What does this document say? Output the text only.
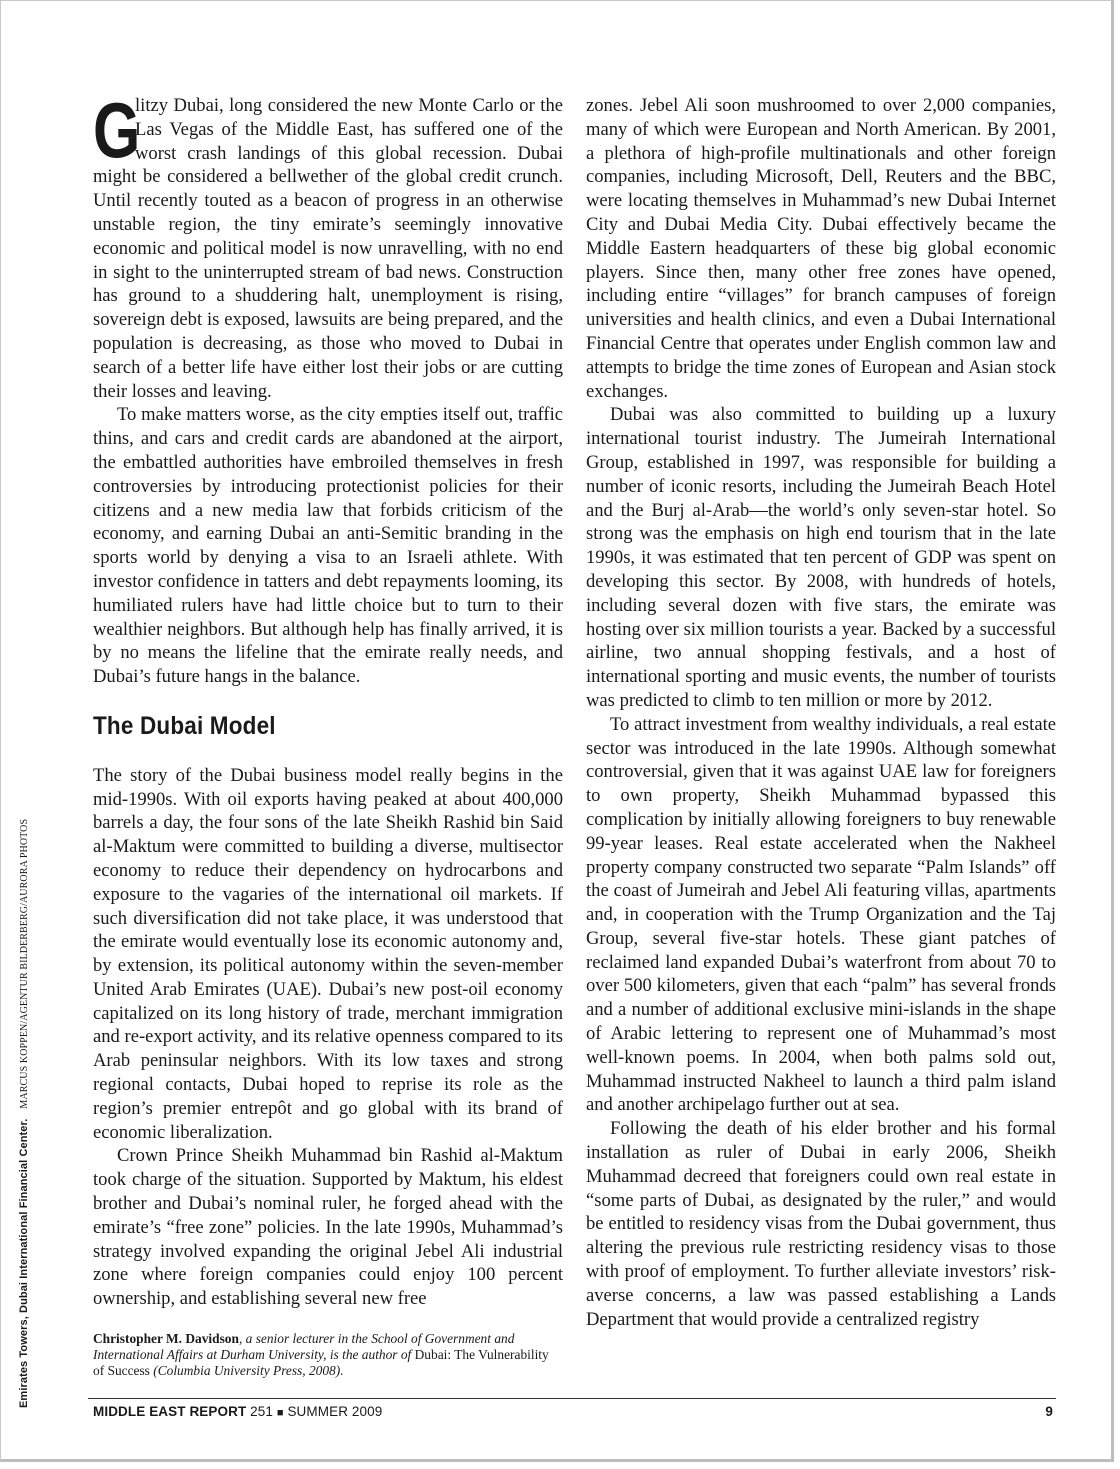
G
litzy Dubai, long considered the new Monte Carlo or the Las Vegas of the Middle East, has suffered one of the worst crash landings of this global recession. Dubai might be considered a bellwether of the global credit crunch. Until recently touted as a beacon of progress in an otherwise unstable region, the tiny emirate’s seemingly innovative economic and political model is now unravelling, with no end in sight to the uninterrupted stream of bad news. Construction has ground to a shuddering halt, unemployment is rising, sovereign debt is exposed, lawsuits are being prepared, and the population is decreasing, as those who moved to Dubai in search of a better life have either lost their jobs or are cutting their losses and leaving.

To make matters worse, as the city empties itself out, traffic thins, and cars and credit cards are abandoned at the airport, the embattled authorities have embroiled themselves in fresh controversies by introducing protectionist policies for their citizens and a new media law that forbids criticism of the economy, and earning Dubai an anti-Semitic branding in the sports world by denying a visa to an Israeli athlete. With investor confidence in tatters and debt repayments looming, its humiliated rulers have had little choice but to turn to their wealthier neighbors. But although help has finally arrived, it is by no means the lifeline that the emirate really needs, and Dubai’s future hangs in the balance.

The Dubai Model

The story of the Dubai business model really begins in the mid-1990s. With oil exports having peaked at about 400,000 barrels a day, the four sons of the late Sheikh Rashid bin Said al-Maktum were committed to building a diverse, multisector economy to reduce their dependency on hydrocarbons and exposure to the vagaries of the international oil markets. If such diversification did not take place, it was understood that the emirate would eventually lose its economic autonomy and, by extension, its political autonomy within the seven-member United Arab Emirates (UAE). Dubai’s new post-oil economy capitalized on its long history of trade, merchant immigration and re-export activity, and its relative openness compared to its Arab peninsular neighbors. With its low taxes and strong regional contacts, Dubai hoped to reprise its role as the region’s premier entrepôt and go global with its brand of economic liberalization.

Crown Prince Sheikh Muhammad bin Rashid al-Maktum took charge of the situation. Supported by Maktum, his eldest brother and Dubai’s nominal ruler, he forged ahead with the emirate’s “free zone” policies. In the late 1990s, Muhammad’s strategy involved expanding the original Jebel Ali industrial zone where foreign companies could enjoy 100 percent ownership, and establishing several new free

zones. Jebel Ali soon mushroomed to over 2,000 companies, many of which were European and North American. By 2001, a plethora of high-profile multinationals and other foreign companies, including Microsoft, Dell, Reuters and the BBC, were locating themselves in Muhammad’s new Dubai Internet City and Dubai Media City. Dubai effectively became the Middle Eastern headquarters of these big global economic players. Since then, many other free zones have opened, including entire “villages” for branch campuses of foreign universities and health clinics, and even a Dubai International Financial Centre that operates under English common law and attempts to bridge the time zones of European and Asian stock exchanges.

Dubai was also committed to building up a luxury international tourist industry. The Jumeirah International Group, established in 1997, was responsible for building a number of iconic resorts, including the Jumeirah Beach Hotel and the Burj al-Arab—the world’s only seven-star hotel. So strong was the emphasis on high end tourism that in the late 1990s, it was estimated that ten percent of GDP was spent on developing this sector. By 2008, with hundreds of hotels, including several dozen with five stars, the emirate was hosting over six million tourists a year. Backed by a successful airline, two annual shopping festivals, and a host of international sporting and music events, the number of tourists was predicted to climb to ten million or more by 2012.

To attract investment from wealthy individuals, a real estate sector was introduced in the late 1990s. Although somewhat controversial, given that it was against UAE law for foreigners to own property, Sheikh Muhammad bypassed this complication by initially allowing foreigners to buy renewable 99-year leases. Real estate accelerated when the Nakheel property company constructed two separate “Palm Islands” off the coast of Jumeirah and Jebel Ali featuring villas, apartments and, in cooperation with the Trump Organization and the Taj Group, several five-star hotels. These giant patches of reclaimed land expanded Dubai’s waterfront from about 70 to over 500 kilometers, given that each “palm” has several fronds and a number of additional exclusive mini-islands in the shape of Arabic lettering to represent one of Muhammad’s most well-known poems. In 2004, when both palms sold out, Muhammad instructed Nakheel to launch a third palm island and another archipelago further out at sea.

Following the death of his elder brother and his formal installation as ruler of Dubai in early 2006, Sheikh Muhammad decreed that foreigners could own real estate in “some parts of Dubai, as designated by the ruler,” and would be entitled to residency visas from the Dubai government, thus altering the previous rule restricting residency visas to those with proof of employment. To further alleviate investors’ risk-averse concerns, a law was passed establishing a Lands Department that would provide a centralized registry

Christopher M. Davidson, a senior lecturer in the School of Government and International Affairs at Durham University, is the author of Dubai: The Vulnerability of Success (Columbia University Press, 2008).
MIDDLE EAST REPORT 251 ■ SUMMER 2009	9
Emirates Towers, Dubai International Financial Center.MARCUS KOPPEN/AGENTUR BILDERBERG/AURORA PHOTOS
